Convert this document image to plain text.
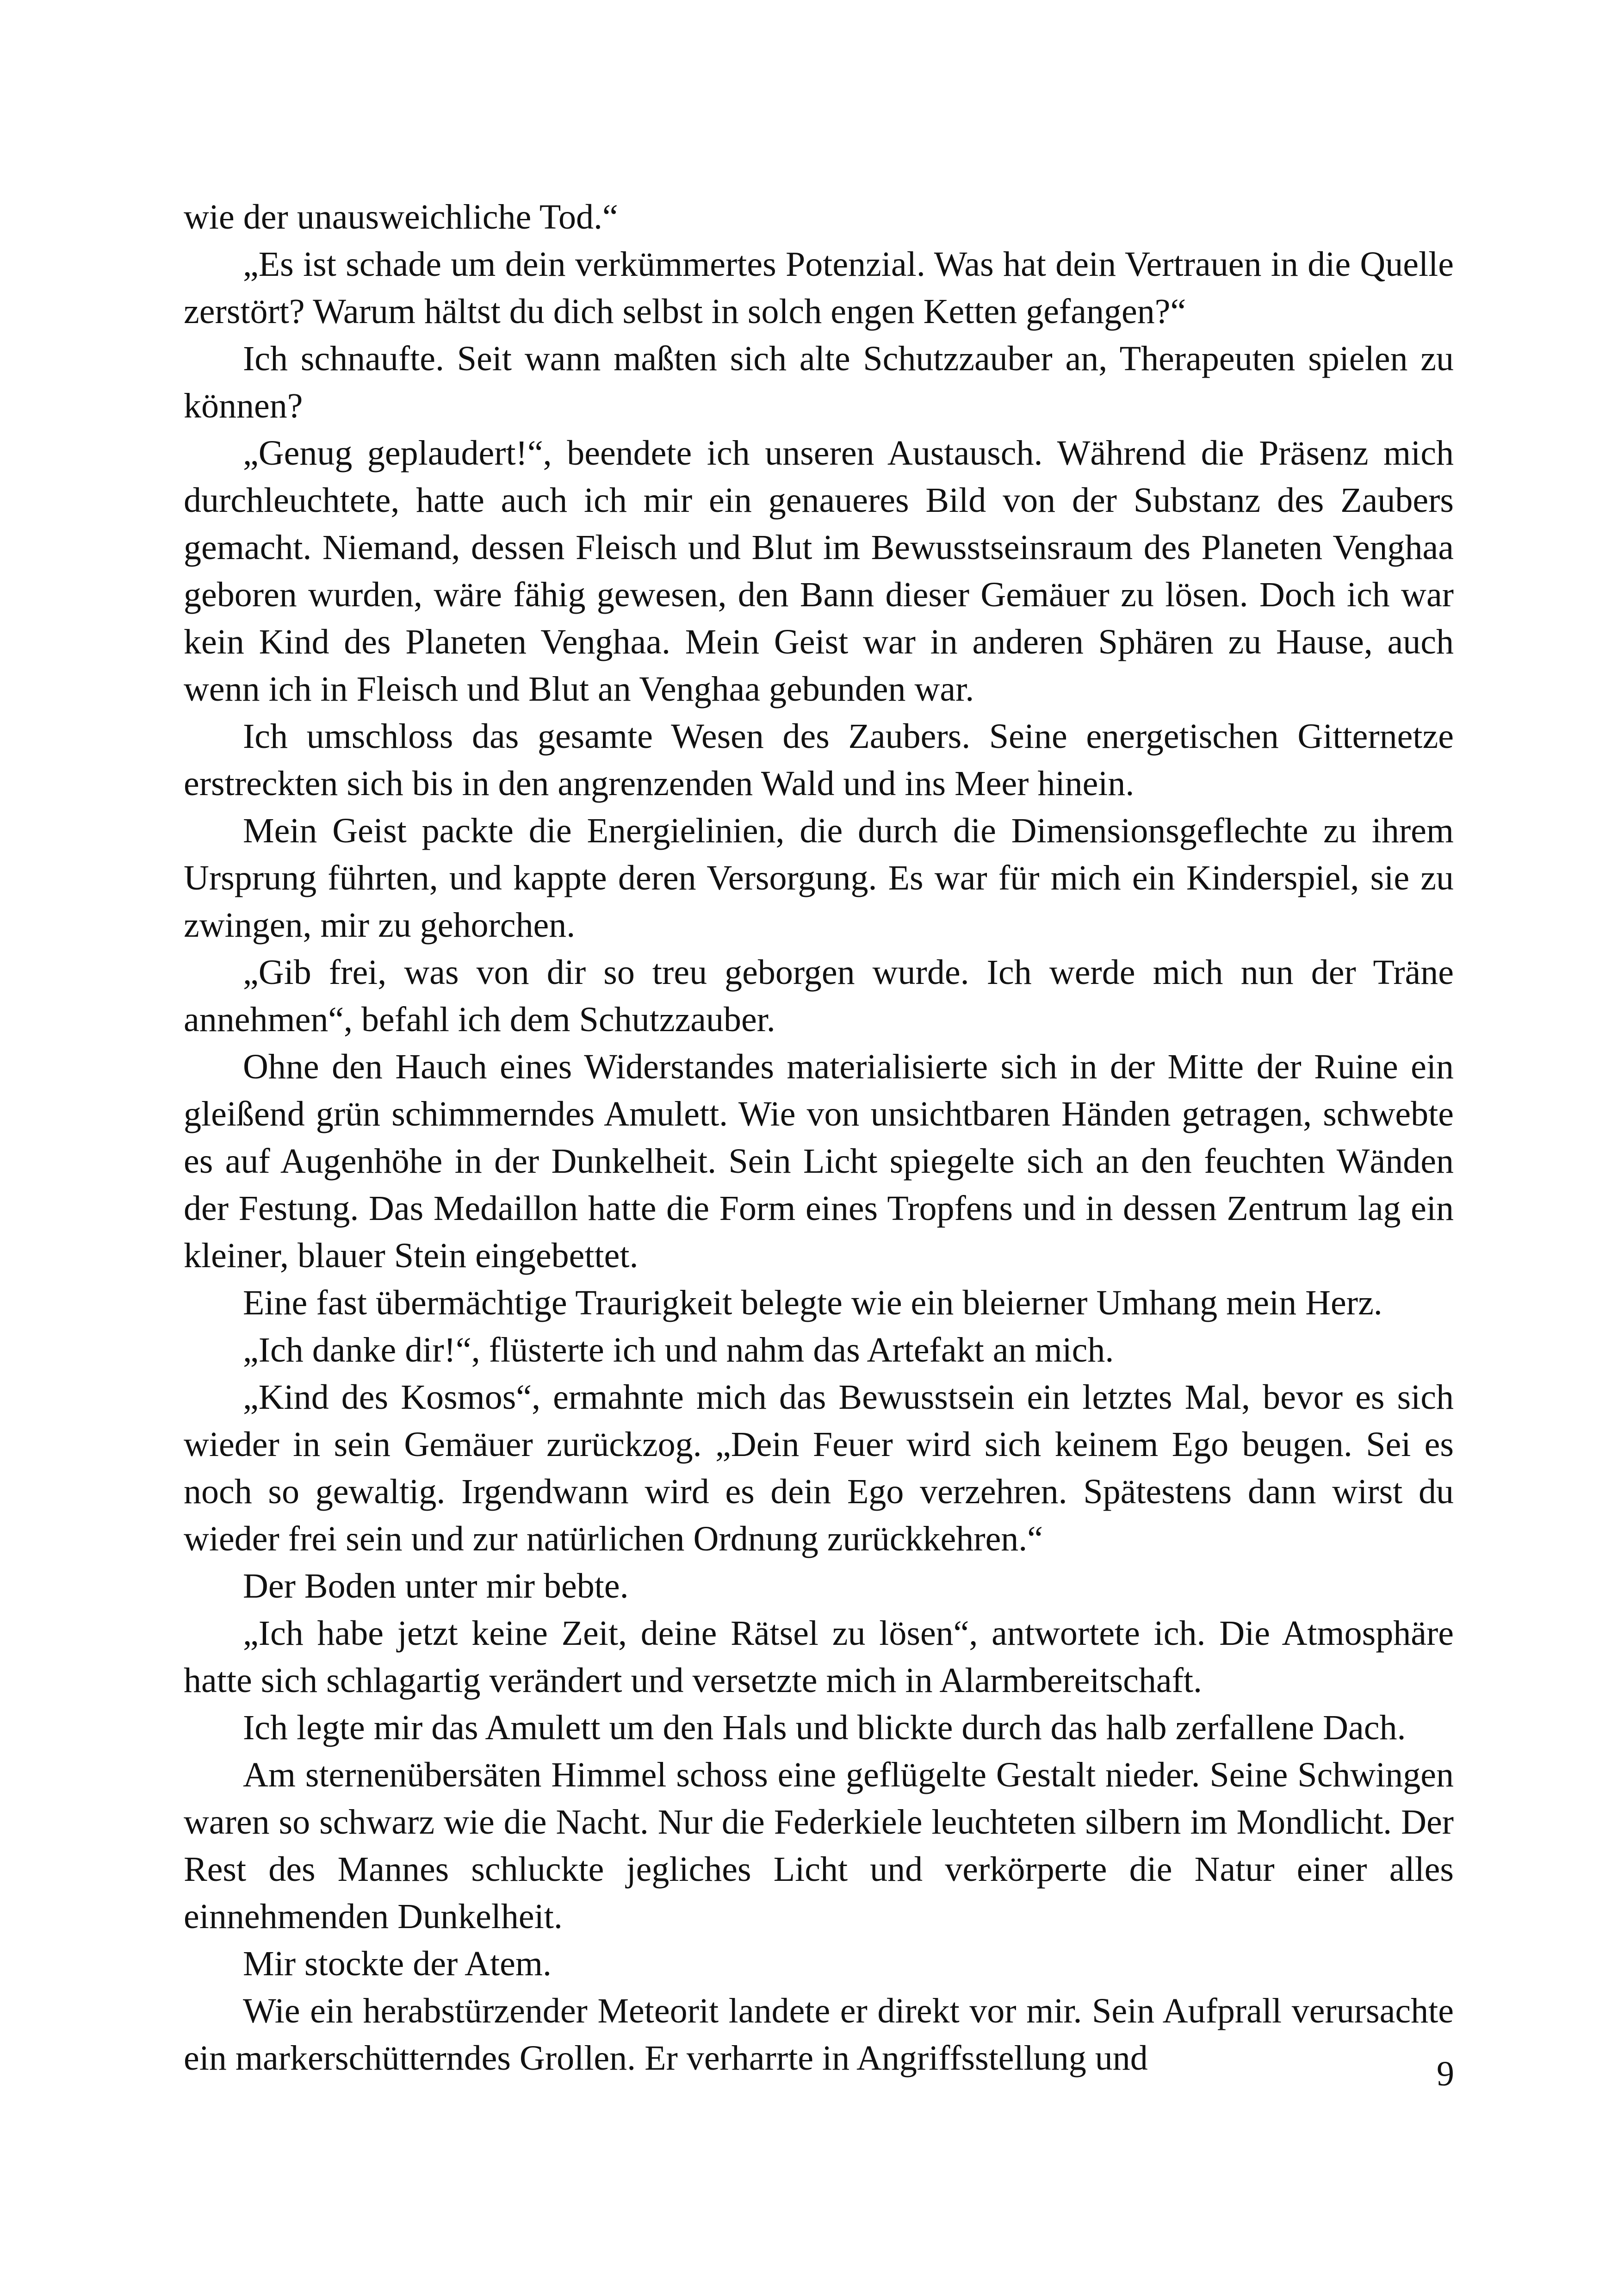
wie der unausweichliche Tod.“

„Es ist schade um dein verkümmertes Potenzial. Was hat dein Vertrauen in die Quelle zerstört? Warum hältst du dich selbst in solch engen Ketten gefangen?“

Ich schnaufte. Seit wann maßten sich alte Schutzzauber an, Therapeuten spielen zu können?

„Genug geplaudert!“, beendete ich unseren Austausch. Während die Präsenz mich durchleuchtete, hatte auch ich mir ein genaueres Bild von der Substanz des Zaubers gemacht. Niemand, dessen Fleisch und Blut im Bewusstseinsraum des Planeten Venghaa geboren wurden, wäre fähig gewesen, den Bann dieser Gemäuer zu lösen. Doch ich war kein Kind des Planeten Venghaa. Mein Geist war in anderen Sphären zu Hause, auch wenn ich in Fleisch und Blut an Venghaa gebunden war.

Ich umschloss das gesamte Wesen des Zaubers. Seine energetischen Gitternetze erstreckten sich bis in den angrenzenden Wald und ins Meer hinein.

Mein Geist packte die Energielinien, die durch die Dimensionsgeflechte zu ihrem Ursprung führten, und kappte deren Versorgung. Es war für mich ein Kinderspiel, sie zu zwingen, mir zu gehorchen.

„Gib frei, was von dir so treu geborgen wurde. Ich werde mich nun der Träne annehmen“, befahl ich dem Schutzzauber.

Ohne den Hauch eines Widerstandes materialisierte sich in der Mitte der Ruine ein gleißend grün schimmerndes Amulett. Wie von unsichtbaren Händen getragen, schwebte es auf Augenhöhe in der Dunkelheit. Sein Licht spiegelte sich an den feuchten Wänden der Festung. Das Medaillon hatte die Form eines Tropfens und in dessen Zentrum lag ein kleiner, blauer Stein eingebettet.

Eine fast übermächtige Traurigkeit belegte wie ein bleierner Umhang mein Herz.

„Ich danke dir!“, flüsterte ich und nahm das Artefakt an mich.

„Kind des Kosmos“, ermahnte mich das Bewusstsein ein letztes Mal, bevor es sich wieder in sein Gemäuer zurückzog. „Dein Feuer wird sich keinem Ego beugen. Sei es noch so gewaltig. Irgendwann wird es dein Ego verzehren. Spätestens dann wirst du wieder frei sein und zur natürlichen Ordnung zurückkehren.“

Der Boden unter mir bebte.

„Ich habe jetzt keine Zeit, deine Rätsel zu lösen“, antwortete ich. Die Atmosphäre hatte sich schlagartig verändert und versetzte mich in Alarmbereitschaft.

Ich legte mir das Amulett um den Hals und blickte durch das halb zerfallene Dach.

Am sternenübersäten Himmel schoss eine geflügelte Gestalt nieder. Seine Schwingen waren so schwarz wie die Nacht. Nur die Federkiele leuchteten silbern im Mondlicht. Der Rest des Mannes schluckte jegliches Licht und verkörperte die Natur einer alles einnehmenden Dunkelheit.

Mir stockte der Atem.

Wie ein herabstürzender Meteorit landete er direkt vor mir. Sein Aufprall verursachte ein markerschütterndes Grollen. Er verharrte in Angriffsstellung und	9
